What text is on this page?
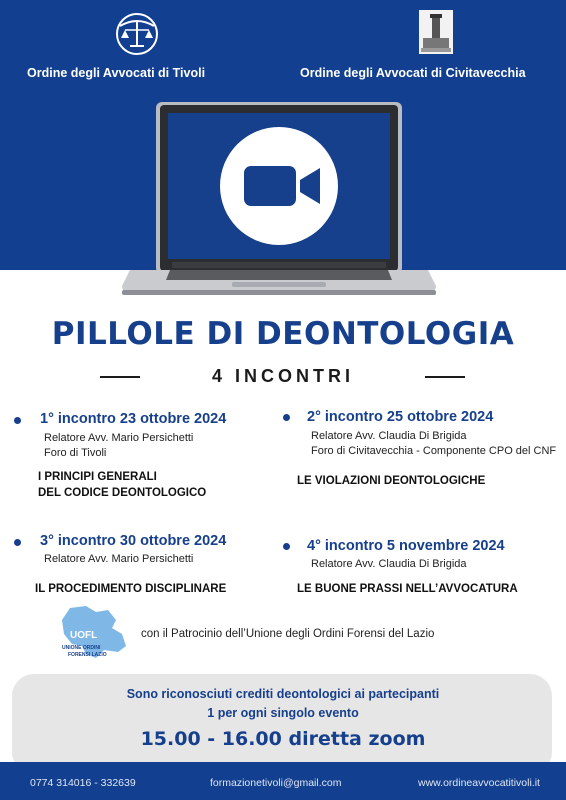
Ordine degli Avvocati di Tivoli	Ordine degli Avvocati di Civitavecchia
PILLOLE DI DEONTOLOGIA
4 INCONTRI
1° incontro 23 ottobre 2024
Relatore Avv. Mario Persichetti
Foro di Tivoli
I PRINCIPI GENERALI
DEL CODICE DEONTOLOGICO
2° incontro 25 ottobre 2024
Relatore Avv. Claudia Di Brigida
Foro di Civitavecchia - Componente CPO del CNF
LE VIOLAZIONI DEONTOLOGICHE
3° incontro 30 ottobre 2024
Relatore Avv. Mario Persichetti
IL PROCEDIMENTO DISCIPLINARE
4° incontro 5 novembre 2024
Relatore Avv. Claudia Di Brigida
LE BUONE PRASSI NELL’AVVOCATURA
UOFL
UNIONE ORDINI
FORENSI LAZIO
con il Patrocinio dell’Unione degli Ordini Forensi del Lazio
Sono riconosciuti crediti deontologici ai partecipanti
1 per ogni singolo evento
15.00 - 16.00 diretta zoom
0774 314016 - 332639	formazionetivoli@gmail.com	www.ordineavvocatitivoli.it
